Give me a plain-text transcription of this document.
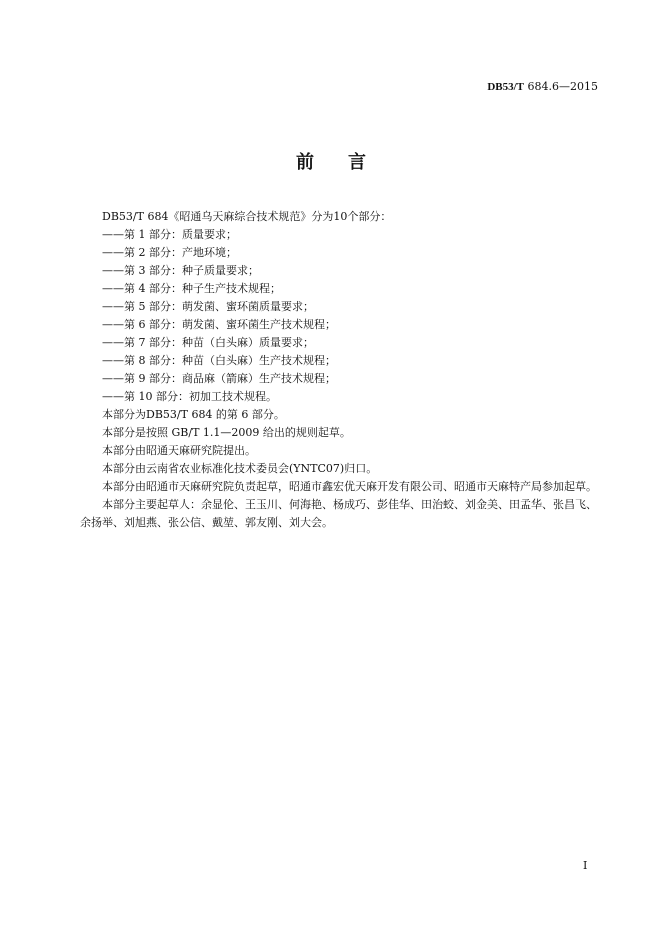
DB53/T 684.6—2015
前言
DB53/T 684《昭通乌天麻综合技术规范》分为10个部分：
——第 1 部分：质量要求；
——第 2 部分：产地环境；
——第 3 部分：种子质量要求；
——第 4 部分：种子生产技术规程；
——第 5 部分：萌发菌、蜜环菌质量要求；
——第 6 部分：萌发菌、蜜环菌生产技术规程；
——第 7 部分：种苗（白头麻）质量要求；
——第 8 部分：种苗（白头麻）生产技术规程；
——第 9 部分：商品麻（箭麻）生产技术规程；
——第 10 部分：初加工技术规程。
本部分为DB53/T 684 的第 6 部分。
本部分是按照 GB/T 1.1—2009 给出的规则起草。
本部分由昭通天麻研究院提出。
本部分由云南省农业标准化技术委员会(YNTC07)归口。
本部分由昭通市天麻研究院负责起草，昭通市鑫宏优天麻开发有限公司、昭通市天麻特产局参加起草。
本部分主要起草人：余显伦、王玉川、何海艳、杨成巧、彭佳华、田治蛟、刘金美、田孟华、张昌飞、余扬举、刘旭燕、张公信、戴堃、郭友刚、刘大会。
I
